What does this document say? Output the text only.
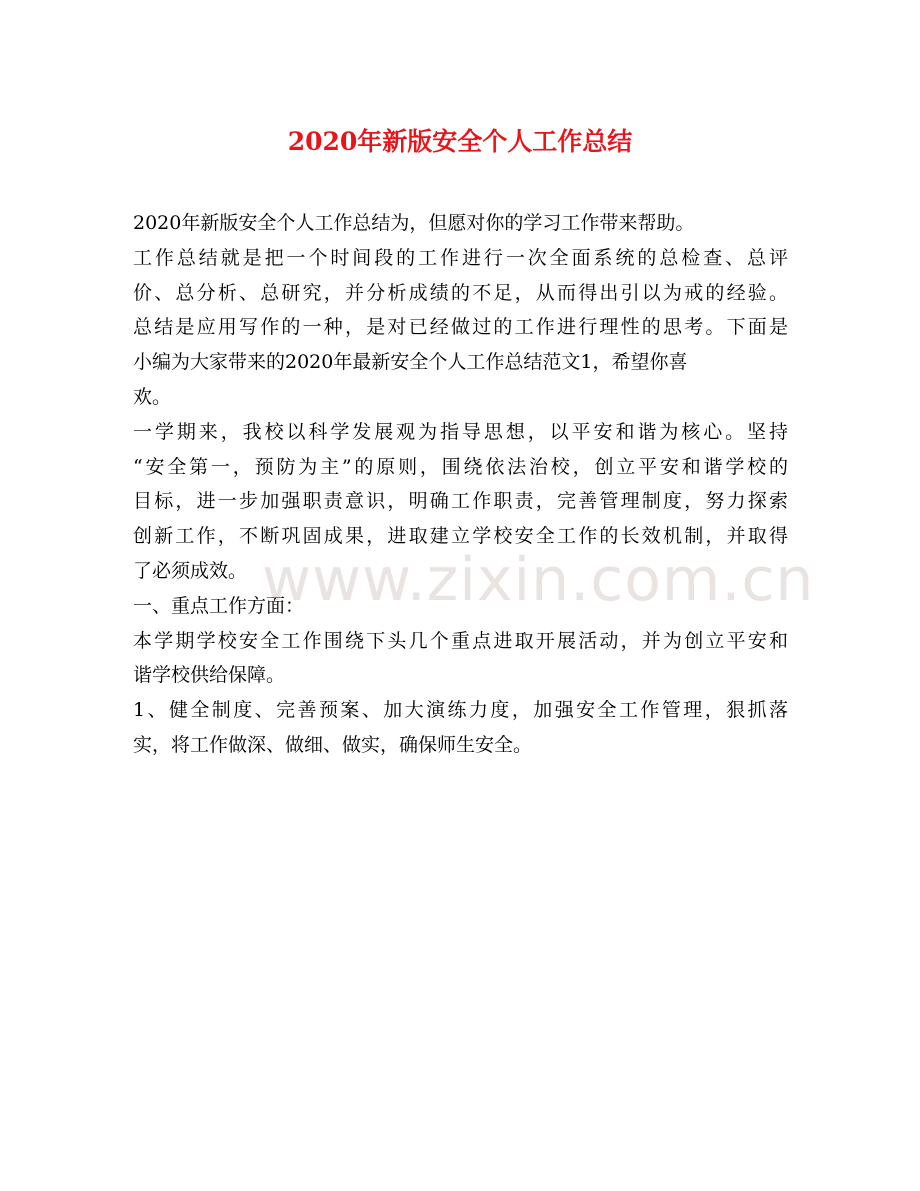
www.zixin.com.cn
2020年新版安全个人工作总结

2020年新版安全个人工作总结为，但愿对你的学习工作带来帮助。

工作总结就是把一个时间段的工作进行一次全面系统的总检查、总评
价、总分析、总研究，并分析成绩的不足，从而得出引以为戒的经验。
总结是应用写作的一种，是对已经做过的工作进行理性的思考。下面是
小编为大家带来的2020年最新安全个人工作总结范文1，希望你喜
欢。

一学期来，我校以科学发展观为指导思想，以平安和谐为核心。坚持
“安全第一，预防为主”的原则，围绕依法治校，创立平安和谐学校的
目标，进一步加强职责意识，明确工作职责，完善管理制度，努力探索
创新工作，不断巩固成果，进取建立学校安全工作的长效机制，并取得
了必须成效。

一、重点工作方面：

本学期学校安全工作围绕下头几个重点进取开展活动，并为创立平安和
谐学校供给保障。

1、健全制度、完善预案、加大演练力度，加强安全工作管理，狠抓落
实，将工作做深、做细、做实，确保师生安全。
